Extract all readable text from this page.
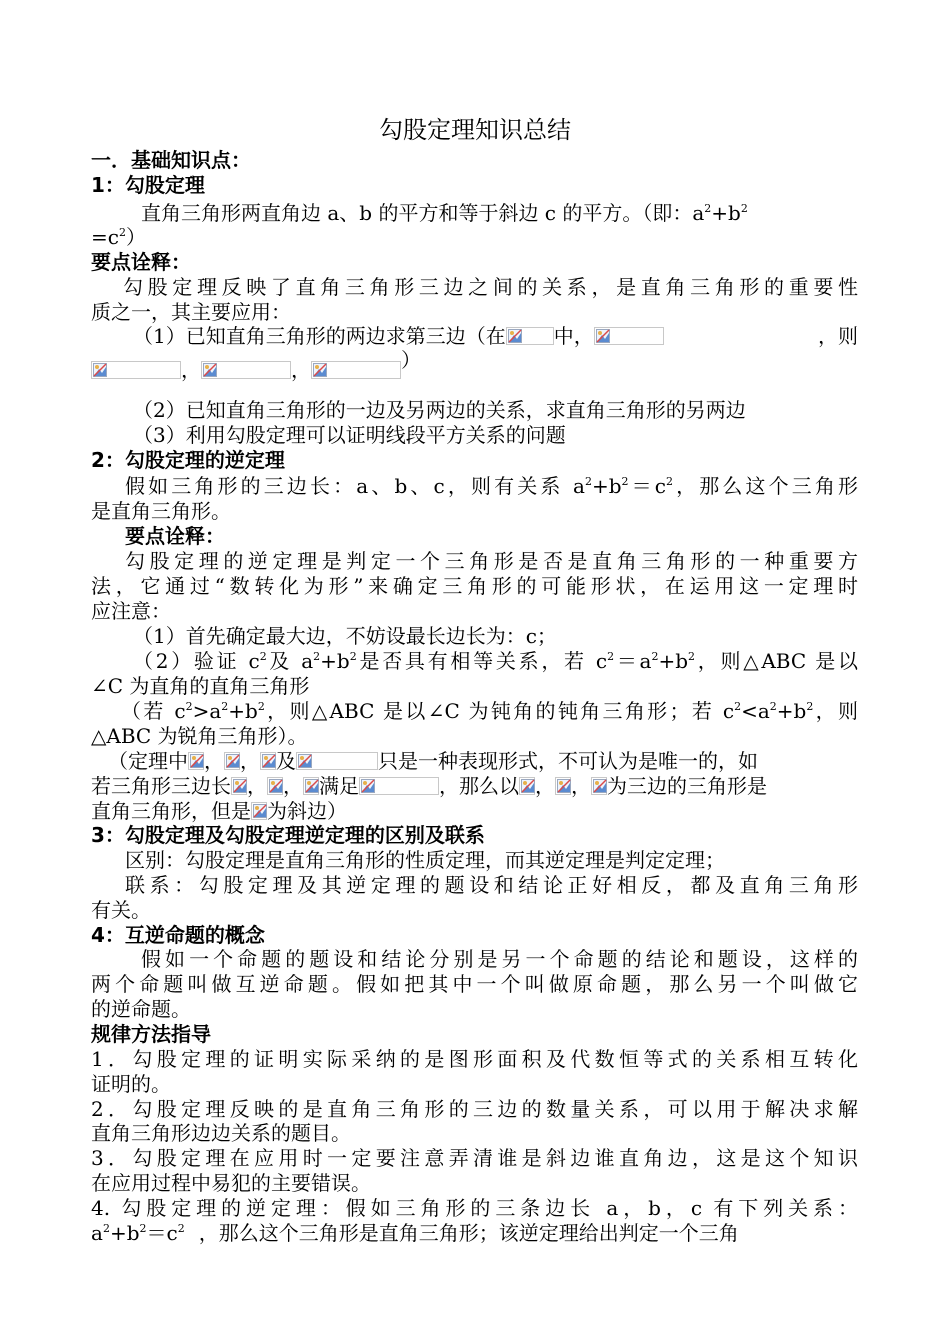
勾股定理知识总结
一．基础知识点：
1：勾股定理
直角三角形两直角边 a、b 的平方和等于斜边 c 的平方。（即：$a^2+b^2$
$=c^2$）
要点诠释：
勾股定理反映了直角三角形三边之间的关系，是直角三角形的重要性
质之一，其主要应用：
（1）已知直角三角形的两边求第三边（在 中，	，则
，	，	）
（2）已知直角三角形的一边及另两边的关系，求直角三角形的另两边
（3）利用勾股定理可以证明线段平方关系的问题
2：勾股定理的逆定理
假如三角形的三边长：a、b、c，则有关系 $a^2+b^2=c^2$，那么这个三角形
是直角三角形。
要点诠释：
勾股定理的逆定理是判定一个三角形是否是直角三角形的一种重要方
法，它通过“数转化为形”来确定三角形的可能形状，在运用这一定理时
应注意：
（1）首先确定最大边，不妨设最长边长为：c；
（2）验证 $c^2$及 $a^2+b^2$是否具有相等关系，若 $c^2=a^2+b^2$，则△ABC 是以
∠C 为直角的直角三角形
（若 $c^2>a^2+b^2$，则△ABC 是以∠C 为钝角的钝角三角形；若 $c^2<a^2+b^2$，则
△ABC 为锐角三角形）。
（定理中 ， ， 及	只是一种表现形式，不可认为是唯一的，如
若三角形三边长 ， ， 满足	，那么以 ， ， 为三边的三角形是
直角三角形，但是 为斜边）
3：勾股定理及勾股定理逆定理的区别及联系
区别：勾股定理是直角三角形的性质定理，而其逆定理是判定定理；
联系：勾股定理及其逆定理的题设和结论正好相反，都及直角三角形
有关。
4：互逆命题的概念
假如一个命题的题设和结论分别是另一个命题的结论和题设，这样的
两个命题叫做互逆命题。假如把其中一个叫做原命题，那么另一个叫做它
的逆命题。
规律方法指导
1．勾股定理的证明实际采纳的是图形面积及代数恒等式的关系相互转化
证明的。
2．勾股定理反映的是直角三角形的三边的数量关系，可以用于解决求解
直角三角形边边关系的题目。
3．勾股定理在应用时一定要注意弄清谁是斜边谁直角边，这是这个知识
在应用过程中易犯的主要错误。
4. 勾股定理的逆定理：假如三角形的三条边长 a，b，c 有下列关系：
$a^2+b^2=c^2$ ，那么这个三角形是直角三角形；该逆定理给出判定一个三角
